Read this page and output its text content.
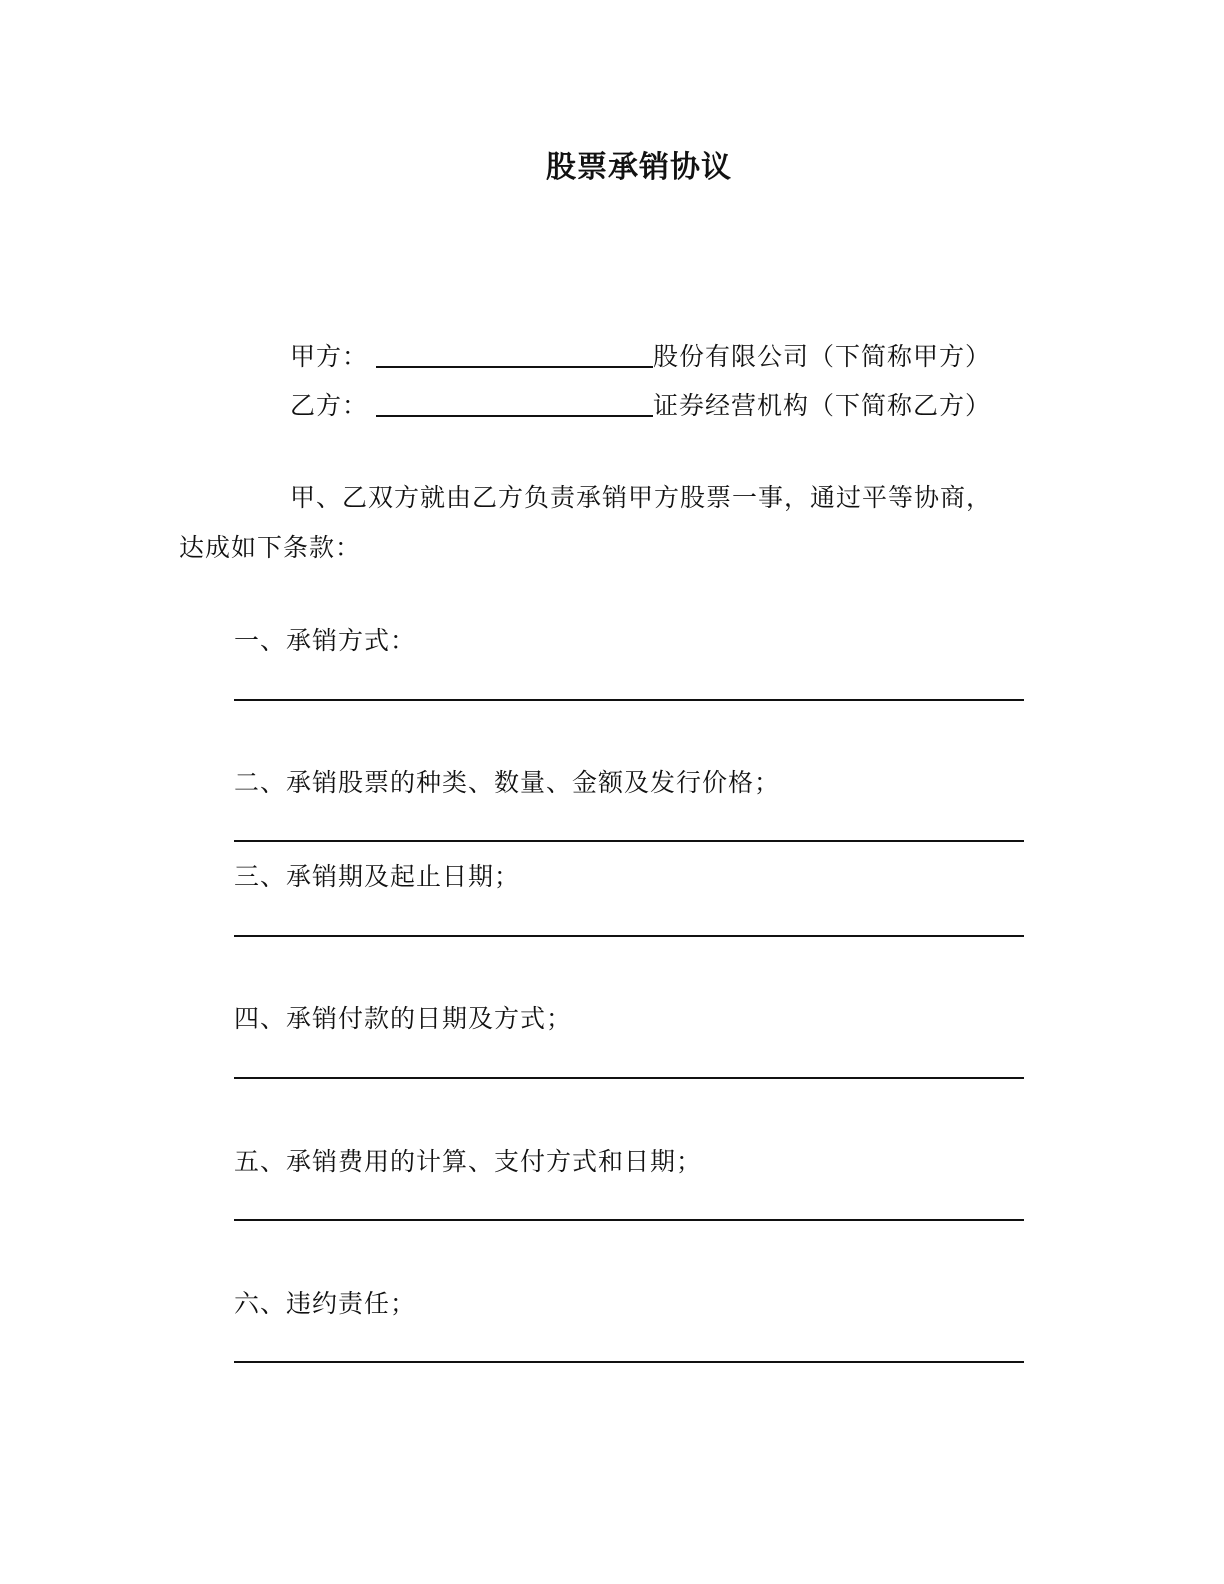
股票承销协议
甲方：	股份有限公司（下简称甲方）
乙方：	证券经营机构（下简称乙方）
甲、乙双方就由乙方负责承销甲方股票一事，通过平等协商，
达成如下条款：
一、承销方式：
二、承销股票的种类、数量、金额及发行价格；
三、承销期及起止日期；
四、承销付款的日期及方式；
五、承销费用的计算、支付方式和日期；
六、违约责任；
